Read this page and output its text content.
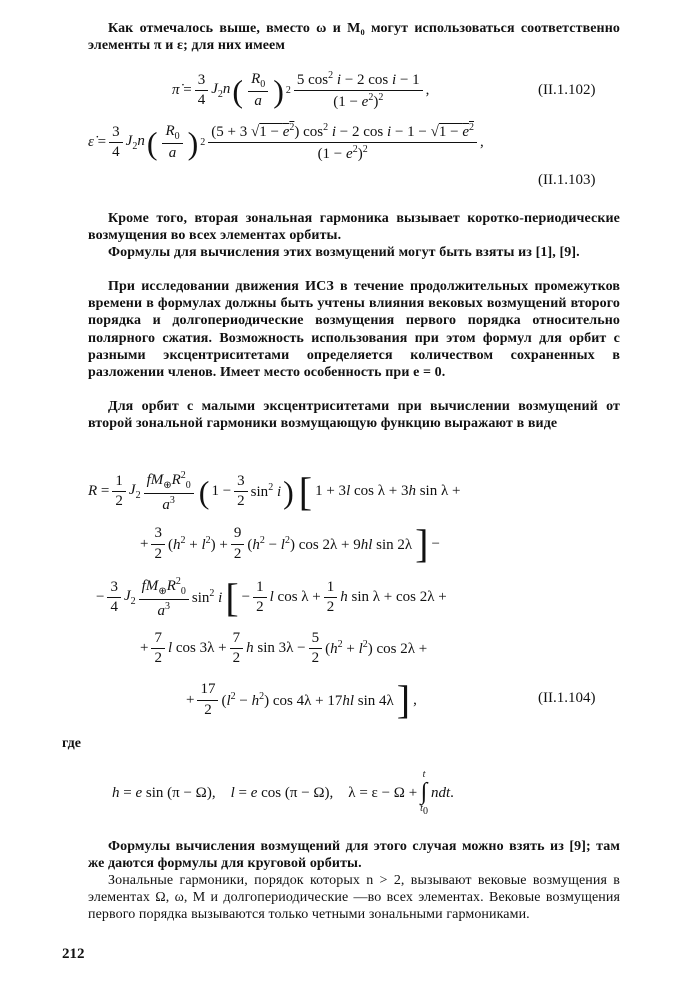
Как отмечалось выше, вместо ω и M₀ могут использоваться соответственно элементы π и ε; для них имеем
π̇ = $\frac{3}{4} J_2n$ ( $\frac{R_0}{a}$ ) $2 \frac{5 \cos^2 i - 2 \cos i - 1}{(1 - e^2)^2}$ ,	(II.1.102)
ε̇ = $\frac{3}{4} J_2n$ ( $\frac{R_0}{a}$ ) $2 \frac{(5 + 3 √1 - e^2) \cos^2 i - 2 \cos i - 1 - √1 - e^2}{(1 - e^2)^2}$ ,
(II.1.103)
Кроме того, вторая зональная гармоника вызывает коротко-периодические возмущения во всех элементах орбиты.
Формулы для вычисления этих возмущений могут быть взяты из [1], [9].
При исследовании движения ИСЗ в течение продолжительных промежутков времени в формулах должны быть учтены влияния вековых возмущений второго порядка и долгопериодические возмущения первого порядка относительно полярного сжатия. Возможность использования при этом формул для орбит с разными эксцентриситетами определяется количеством сохраненных в разложении членов. Имеет место особенность при e = 0.
Для орбит с малыми эксцентриситетами при вычислении возмущений от второй зональной гармоники возмущающую функцию выражают в виде
$R = \frac{1}{2} J_2 \frac{fM_\oplus R^2_0}{a^3}$ ( $1 - \frac{3}{2} \sin^2 i$ ) [ 1 + 3l cos λ + 3h sin λ +
+ $\frac{3}{2} (h^2 + l^2) + \frac{9}{2} (h^2 - l^2)$ cos 2λ + 9hl sin 2λ ] −
− $\frac{3}{4} J_2 \frac{fM_\oplus R^2_0}{a^3} \sin^2 i$ [ − $\frac{1}{2}$ l $\cos \lambda + \frac{1}{2}$ h sin λ + cos 2λ +
+ $\frac{7}{2}$ l $\cos 3\lambda + \frac{7}{2}$ h $\sin 3\lambda - \frac{5}{2} (h^2 + l^2)$ cos 2λ +
+ $\frac{17}{2} (l^2 - h^2)$ cos 4λ + 17hl sin 4λ ] ,	(II.1.104)
где
h = e sin (π − Ω),    l = e cos (π − Ω),    λ = ε − Ω +
t
∫
$t_0$
ndt.
Формулы вычисления возмущений для этого случая можно взять из [9]; там же даются формулы для круговой орбиты.
Зональные гармоники, порядок которых n > 2, вызывают вековые возмущения в элементах Ω, ω, M и долгопериодические —во всех элементах. Вековые возмущения первого порядка вызываются только четными зональными гармониками.
212
